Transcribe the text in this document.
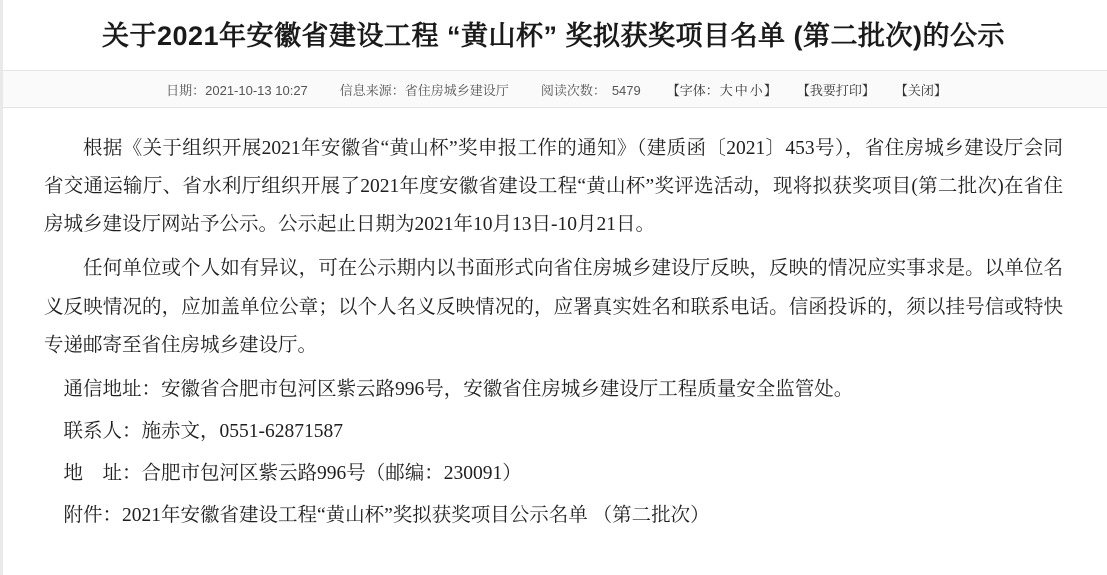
关于2021年安徽省建设工程 “黄山杯” 奖拟获奖项目名单 (第二批次)的公示
日期：2021-10-13 10:27	信息来源：省住房城乡建设厅	阅读次数： 5479	【字体：大 中 小】	【我要打印】	【关闭】

根据《关于组织开展2021年安徽省“黄山杯”奖申报工作的通知》（建质函〔2021〕453号），省住房城乡建设厅会同省交通运输厅、省水利厅组织开展了2021年度安徽省建设工程“黄山杯”奖评选活动，现将拟获奖项目(第二批次)在省住房城乡建设厅网站予公示。公示起止日期为2021年10月13日-10月21日。

任何单位或个人如有异议，可在公示期内以书面形式向省住房城乡建设厅反映，反映的情况应实事求是。以单位名义反映情况的，应加盖单位公章；以个人名义反映情况的，应署真实姓名和联系电话。信函投诉的，须以挂号信或特快专递邮寄至省住房城乡建设厅。

通信地址：安徽省合肥市包河区紫云路996号，安徽省住房城乡建设厅工程质量安全监管处。

联系人：施赤文，0551-62871587

地　址：合肥市包河区紫云路996号（邮编：230091）

附件：2021年安徽省建设工程“黄山杯”奖拟获奖项目公示名单 （第二批次）
